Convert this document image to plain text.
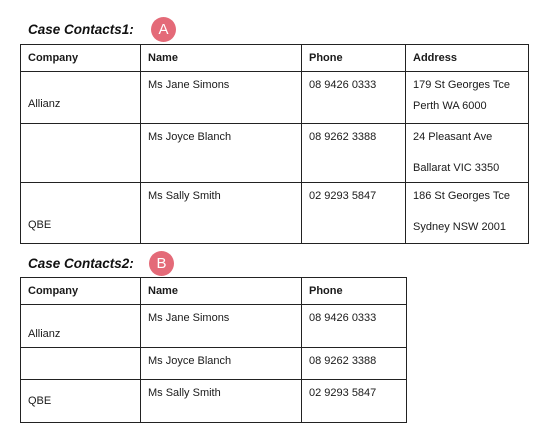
Case Contacts1:	A
Company	Name	Phone	Address
Allianz	Ms Jane Simons	08 9426 0333	179 St Georges Tce
Perth WA 6000

	Ms Joyce Blanch	08 9262 3388	24 Pleasant Ave
Ballarat VIC 3350

QBE	Ms Sally Smith	02 9293 5847	186 St Georges Tce
Sydney NSW 2001
Case Contacts2:	B
Company	Name	Phone
Allianz	Ms Jane Simons	08 9426 0333
	Ms Joyce Blanch	08 9262 3388
QBE	Ms Sally Smith	02 9293 5847
